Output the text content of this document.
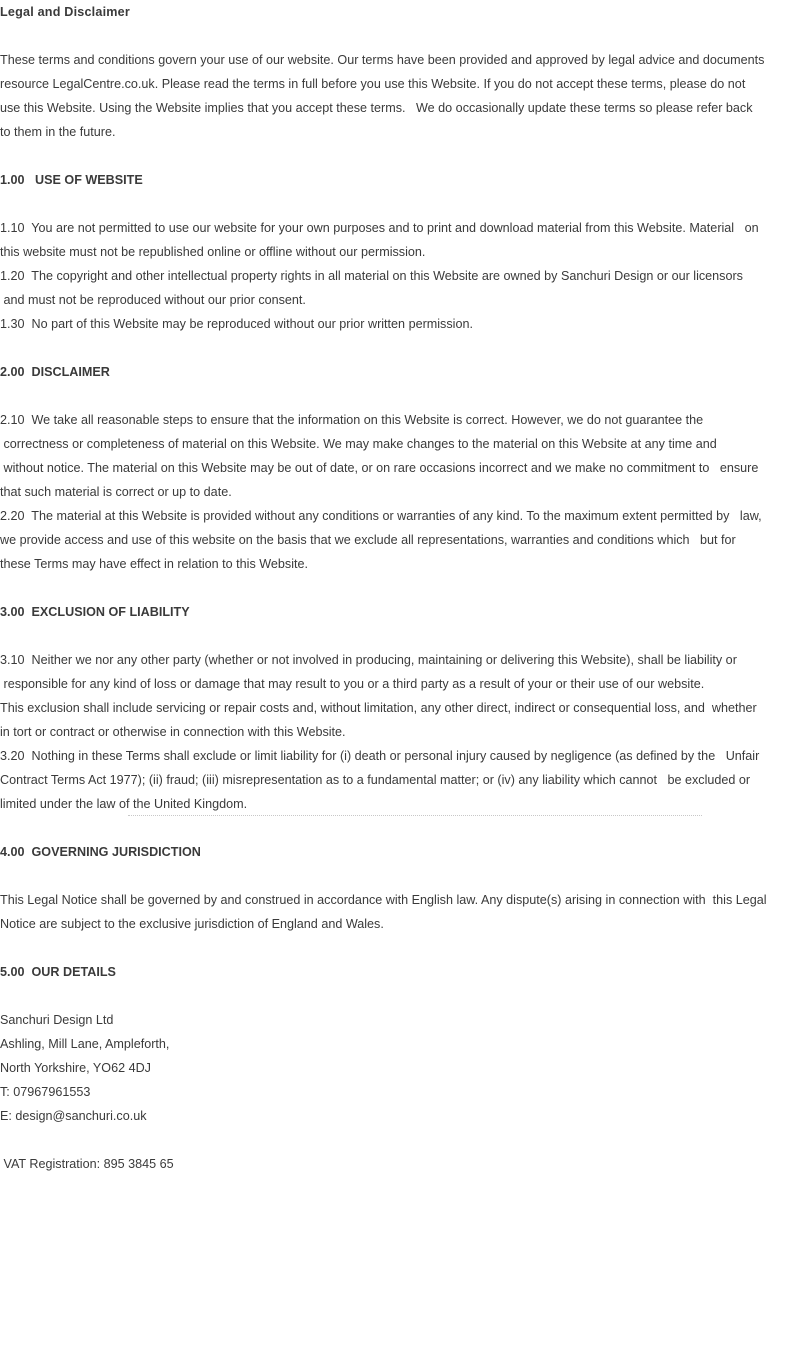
Legal and Disclaimer
These terms and conditions govern your use of our website. Our terms have been provided and approved by legal advice and documents
resource LegalCentre.co.uk. Please read the terms in full before you use this Website. If you do not accept these terms, please do not
use this Website. Using the Website implies that you accept these terms.   We do occasionally update these terms so please refer back
to them in the future.
1.00   USE OF WEBSITE
1.10  You are not permitted to use our website for your own purposes and to print and download material from this Website. Material   on
this website must not be republished online or offline without our permission.
1.20  The copyright and other intellectual property rights in all material on this Website are owned by Sanchuri Design or our licensors
and must not be reproduced without our prior consent.
1.30  No part of this Website may be reproduced without our prior written permission.
2.00  DISCLAIMER
2.10  We take all reasonable steps to ensure that the information on this Website is correct. However, we do not guarantee the
correctness or completeness of material on this Website. We may make changes to the material on this Website at any time and
without notice. The material on this Website may be out of date, or on rare occasions incorrect and we make no commitment to   ensure
that such material is correct or up to date.
2.20  The material at this Website is provided without any conditions or warranties of any kind. To the maximum extent permitted by   law,
we provide access and use of this website on the basis that we exclude all representations, warranties and conditions which   but for
these Terms may have effect in relation to this Website.
3.00  EXCLUSION OF LIABILITY
3.10  Neither we nor any other party (whether or not involved in producing, maintaining or delivering this Website), shall be liability or
responsible for any kind of loss or damage that may result to you or a third party as a result of your or their use of our website.
This exclusion shall include servicing or repair costs and, without limitation, any other direct, indirect or consequential loss, and  whether
in tort or contract or otherwise in connection with this Website.
3.20  Nothing in these Terms shall exclude or limit liability for (i) death or personal injury caused by negligence (as defined by the   Unfair
Contract Terms Act 1977); (ii) fraud; (iii) misrepresentation as to a fundamental matter; or (iv) any liability which cannot   be excluded or
limited under the law of the United Kingdom.
4.00  GOVERNING JURISDICTION
This Legal Notice shall be governed by and construed in accordance with English law. Any dispute(s) arising in connection with  this Legal
Notice are subject to the exclusive jurisdiction of England and Wales.
5.00  OUR DETAILS
Sanchuri Design Ltd
Ashling, Mill Lane, Ampleforth,
North Yorkshire, YO62 4DJ
T: 07967961553
E: design@sanchuri.co.uk
VAT Registration: 895 3845 65
